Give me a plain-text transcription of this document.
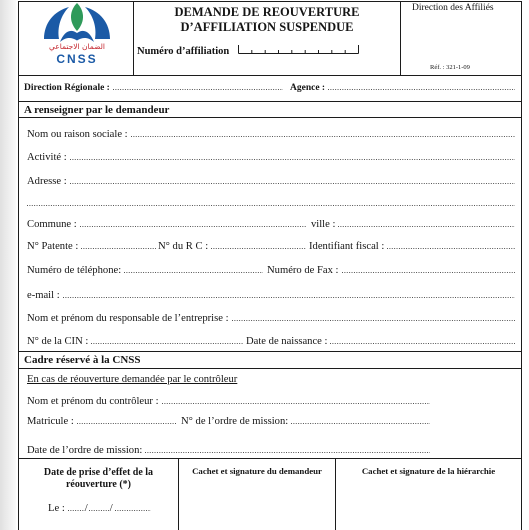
الضمان الاجتماعي
CNSS
DEMANDE DE REOUVERTURE
D’AFFILIATION SUSPENDUE
Numéro d’affiliation
Direction des Affiliés
Réf. : 321-1-09
Direction Régionale :	Agence :
A renseigner par le demandeur
Nom ou raison sociale :
Activité :
Adresse :
Commune :	ville :
N° Patente :	N° du R C :	Identifiant fiscal :
Numéro de téléphone:	Numéro de Fax :
e-mail :
Nom et prénom du responsable de l’entreprise :
N° de la CIN :	Date de naissance :
Cadre réservé à la CNSS
En cas de réouverture demandée par le contrôleur
Nom et prénom du contrôleur :
Matricule :	N° de l’ordre de mission:
Date de l’ordre de mission:
Date de prise d’effet de la
réouverture (*)
Le : / /
Cachet et signature du demandeur	Cachet et signature de la hiérarchie
